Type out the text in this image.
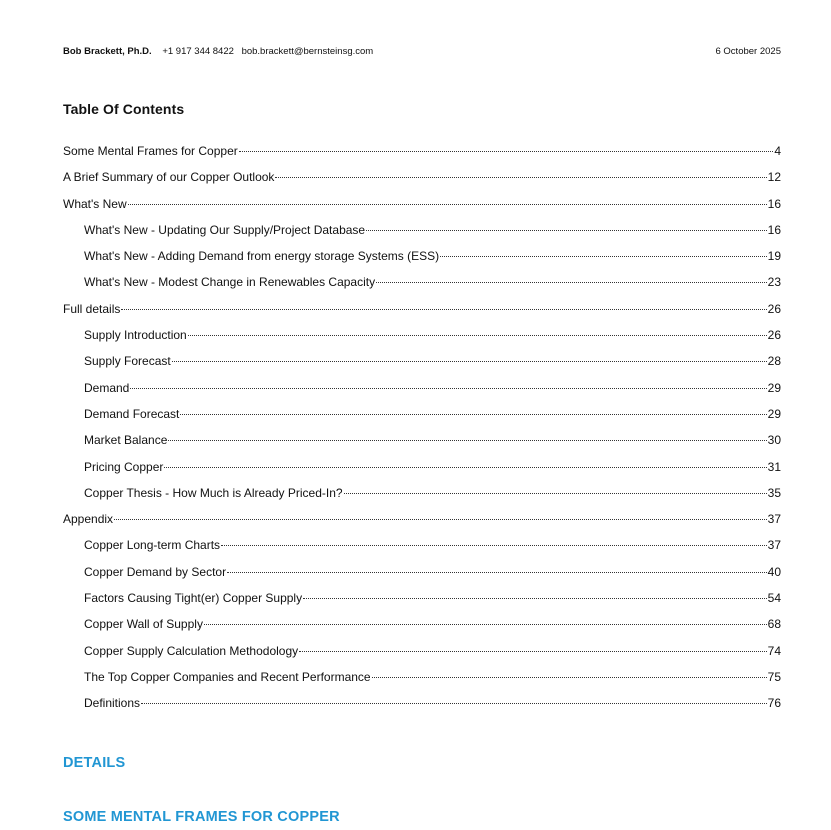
Bob Brackett, Ph.D. +1 917 344 8422 bob.brackett@bernsteinsg.com	6 October 2025
Table Of Contents
Some Mental Frames for Copper	4
A Brief Summary of our Copper Outlook	12
What's New	16
What's New - Updating Our Supply/Project Database	16
What's New - Adding Demand from energy storage Systems (ESS)	19
What's New - Modest Change in Renewables Capacity	23
Full details	26
Supply Introduction	26
Supply Forecast	28
Demand	29
Demand Forecast	29
Market Balance	30
Pricing Copper	31
Copper Thesis - How Much is Already Priced-In?	35
Appendix	37
Copper Long-term Charts	37
Copper Demand by Sector	40
Factors Causing Tight(er) Copper Supply	54
Copper Wall of Supply	68
Copper Supply Calculation Methodology	74
The Top Copper Companies and Recent Performance	75
Definitions	76
DETAILS
SOME MENTAL FRAMES FOR COPPER
